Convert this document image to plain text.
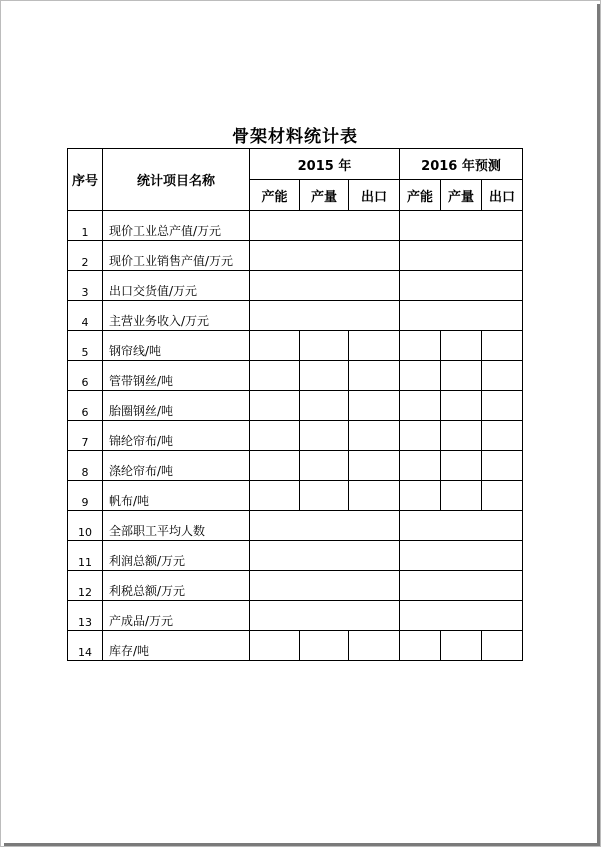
骨架材料统计表
序号	统计项目名称	2015 年			2016 年预测		
		产能	产量	出口	产能	产量	出口
1	现价工业总产值/万元						
2	现价工业销售产值/万元						
3	出口交货值/万元						
4	主营业务收入/万元						
5	钢帘线/吨						
6	管带钢丝/吨						
6	胎圈钢丝/吨						
7	锦纶帘布/吨						
8	涤纶帘布/吨						
9	帆布/吨						
10	全部职工平均人数						
11	利润总额/万元						
12	利税总额/万元						
13	产成品/万元						
14	库存/吨						
